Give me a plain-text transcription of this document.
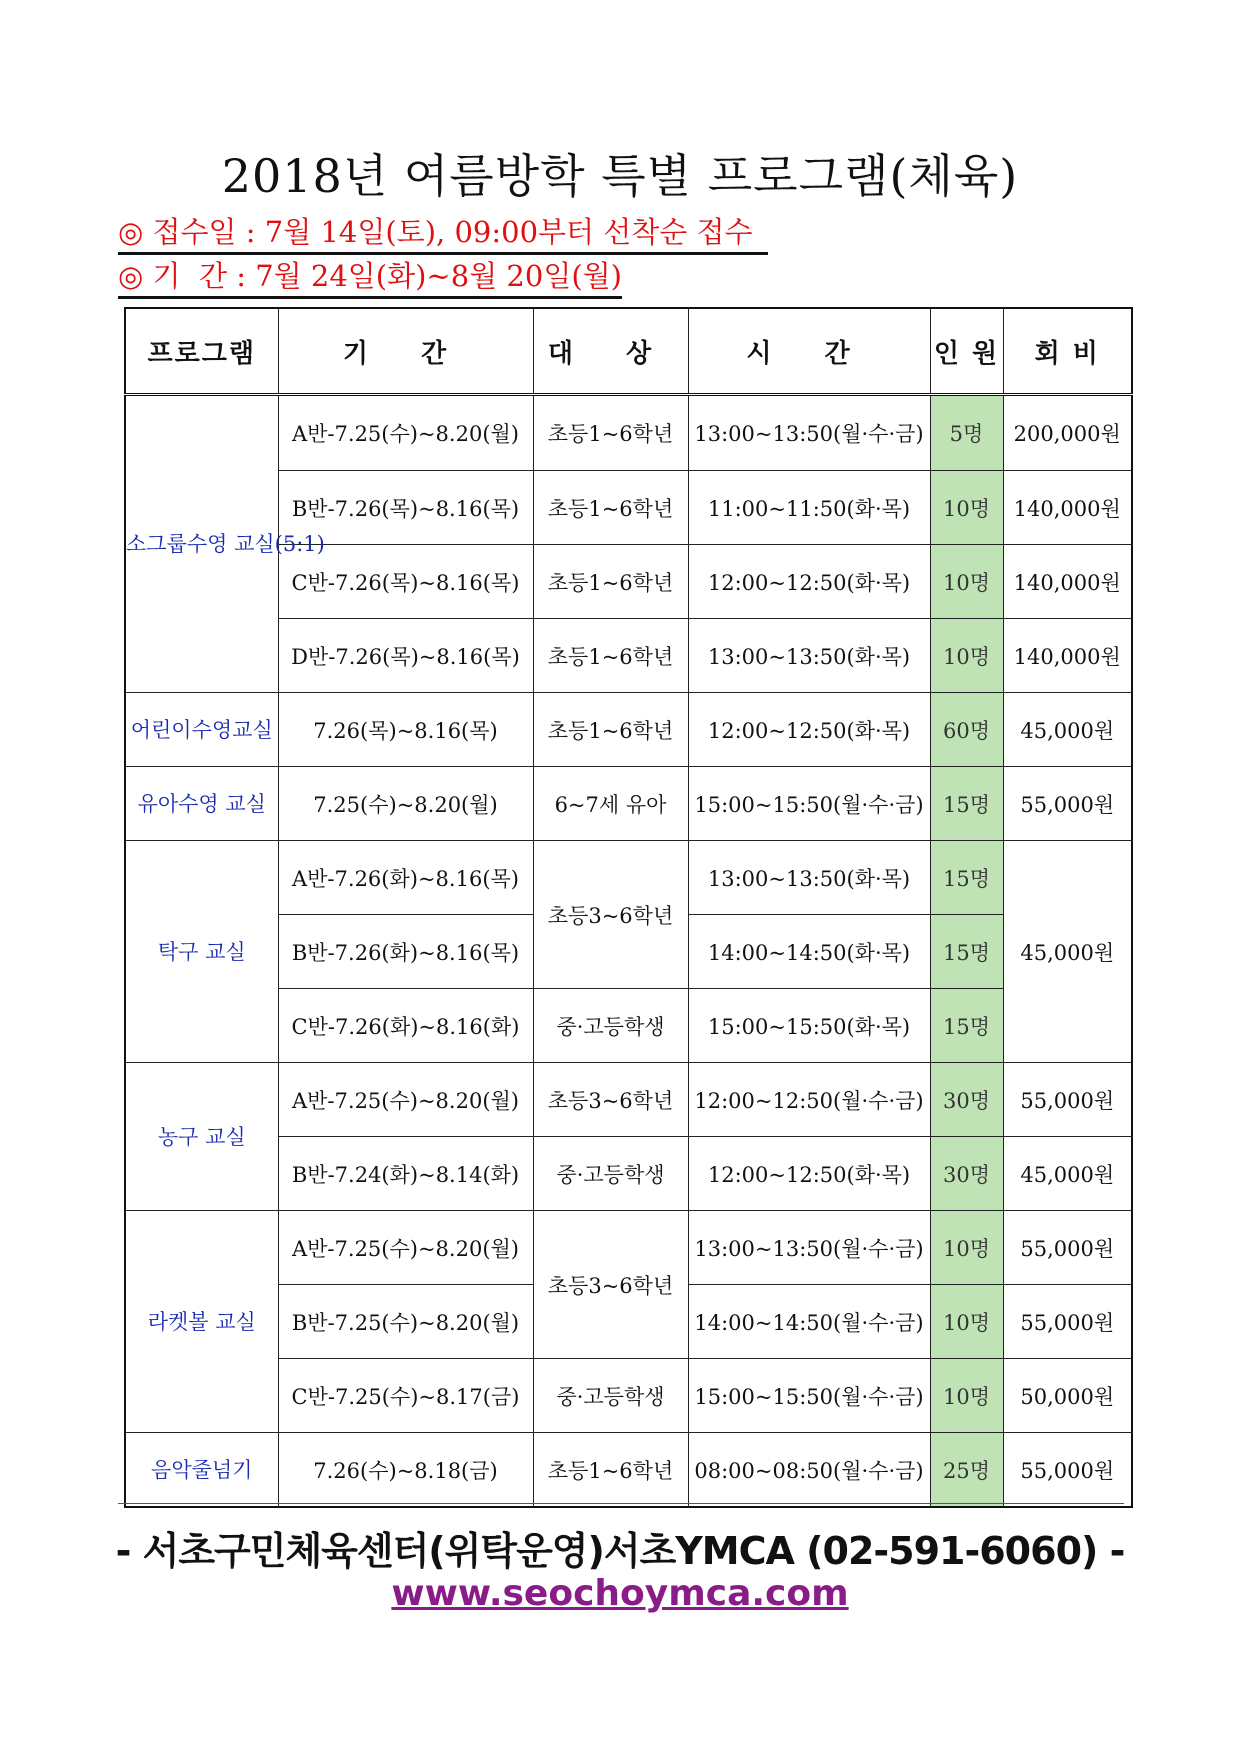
2018년 여름방학 특별 프로그램(체육)
◎ 접수일 : 7월 14일(토), 09:00부터 선착순 접수
◎ 기  간 : 7월 24일(화)~8월 20일(월)
프로그램	기 간	대 상	시 간	인 원	회 비
소그룹수영 교실(5:1)	A반-7.25(수)~8.20(월)	초등1~6학년	13:00~13:50(월·수·금)	5명	200,000원
	B반-7.26(목)~8.16(목)	초등1~6학년	11:00~11:50(화·목)	10명	140,000원
	C반-7.26(목)~8.16(목)	초등1~6학년	12:00~12:50(화·목)	10명	140,000원
	D반-7.26(목)~8.16(목)	초등1~6학년	13:00~13:50(화·목)	10명	140,000원
어린이수영교실	7.26(목)~8.16(목)	초등1~6학년	12:00~12:50(화·목)	60명	45,000원
유아수영 교실	7.25(수)~8.20(월)	6~7세 유아	15:00~15:50(월·수·금)	15명	55,000원
탁구 교실	A반-7.26(화)~8.16(목)	초등3~6학년	13:00~13:50(화·목)	15명	45,000원
	B반-7.26(화)~8.16(목)		14:00~14:50(화·목)	15명	
	C반-7.26(화)~8.16(화)	중·고등학생	15:00~15:50(화·목)	15명	
농구 교실	A반-7.25(수)~8.20(월)	초등3~6학년	12:00~12:50(월·수·금)	30명	55,000원
	B반-7.24(화)~8.14(화)	중·고등학생	12:00~12:50(화·목)	30명	45,000원
라켓볼 교실	A반-7.25(수)~8.20(월)	초등3~6학년	13:00~13:50(월·수·금)	10명	55,000원
	B반-7.25(수)~8.20(월)		14:00~14:50(월·수·금)	10명	55,000원
	C반-7.25(수)~8.17(금)	중·고등학생	15:00~15:50(월·수·금)	10명	50,000원
음악줄넘기	7.26(수)~8.18(금)	초등1~6학년	08:00~08:50(월·수·금)	25명	55,000원
- 서초구민체육센터(위탁운영)서초YMCA (02-591-6060) -
www.seochoymca.com
